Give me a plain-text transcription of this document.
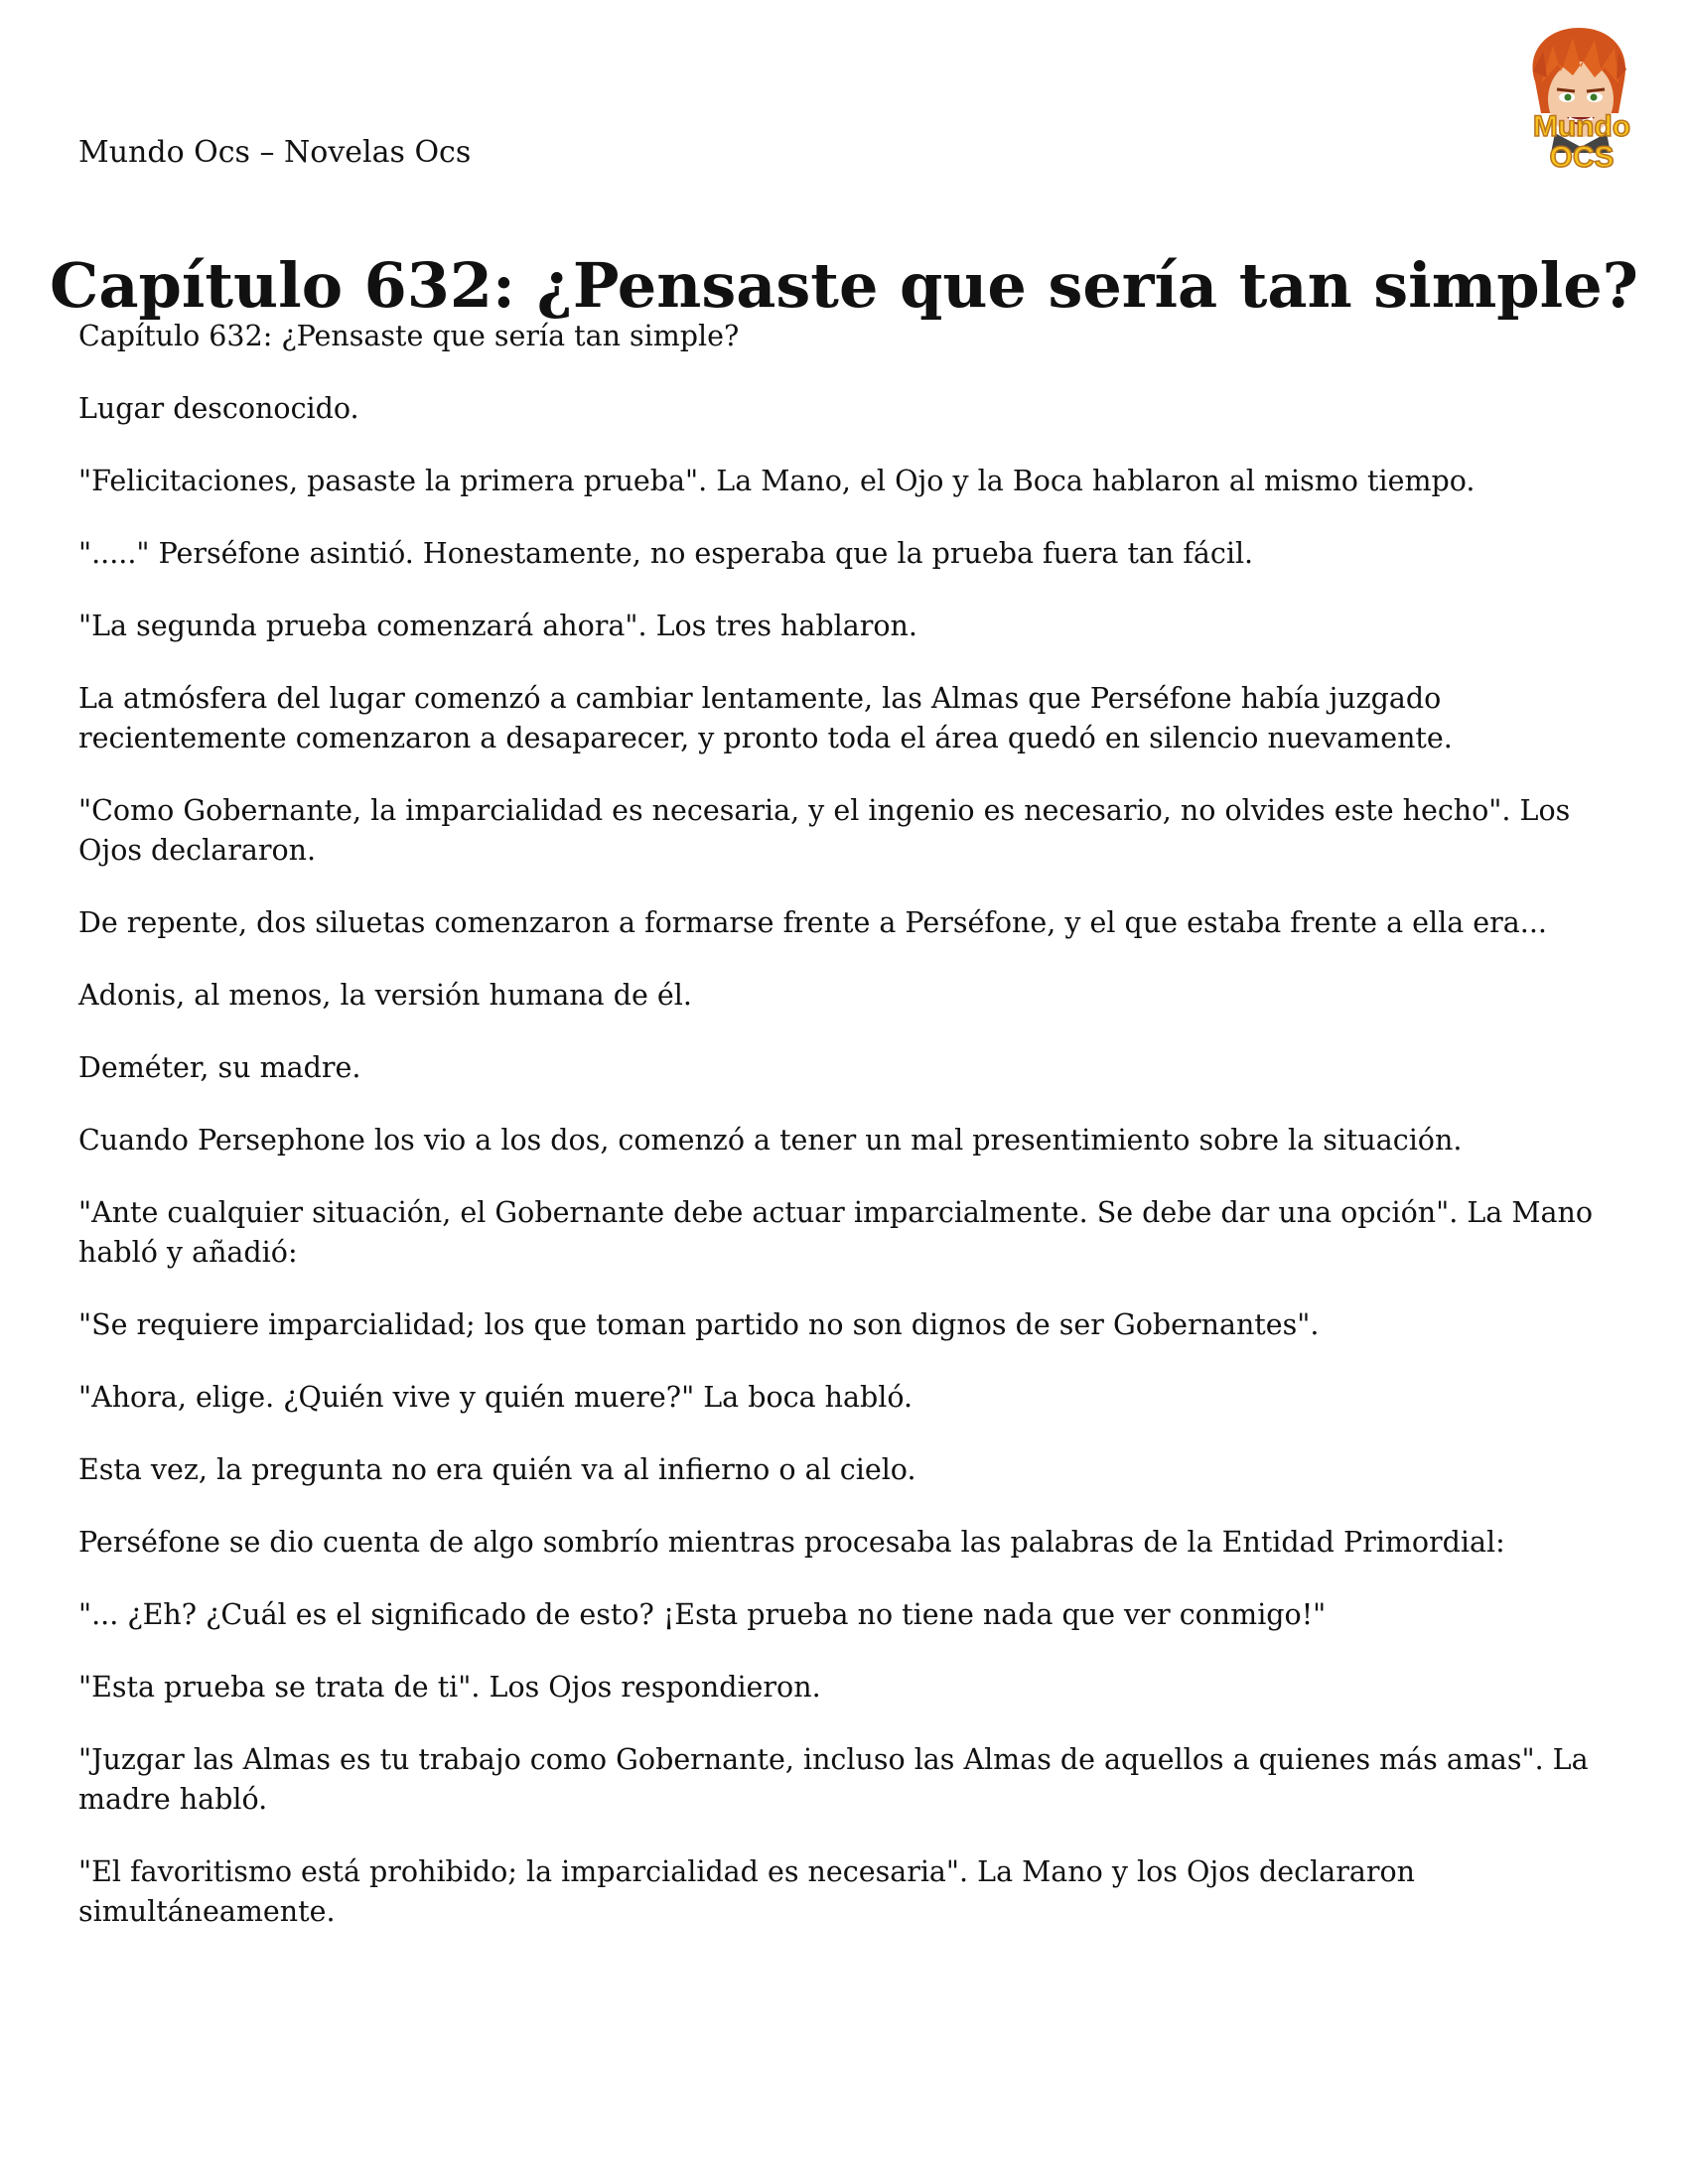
Mundo Ocs – Novelas Ocs
Mundo
OCS
Capítulo 632: ¿Pensaste que sería tan simple?

Capítulo 632: ¿Pensaste que sería tan simple?

Lugar desconocido.

"Felicitaciones, pasaste la primera prueba". La Mano, el Ojo y la Boca hablaron al mismo tiempo.

"....." Perséfone asintió. Honestamente, no esperaba que la prueba fuera tan fácil.

"La segunda prueba comenzará ahora". Los tres hablaron.

La atmósfera del lugar comenzó a cambiar lentamente, las Almas que Perséfone había juzgado recientemente comenzaron a desaparecer, y pronto toda el área quedó en silencio nuevamente.

"Como Gobernante, la imparcialidad es necesaria, y el ingenio es necesario, no olvides este hecho". Los Ojos declararon.

De repente, dos siluetas comenzaron a formarse frente a Perséfone, y el que estaba frente a ella era...

Adonis, al menos, la versión humana de él.

Deméter, su madre.

Cuando Persephone los vio a los dos, comenzó a tener un mal presentimiento sobre la situación.

"Ante cualquier situación, el Gobernante debe actuar imparcialmente. Se debe dar una opción". La Mano habló y añadió:

"Se requiere imparcialidad; los que toman partido no son dignos de ser Gobernantes".

"Ahora, elige. ¿Quién vive y quién muere?" La boca habló.

Esta vez, la pregunta no era quién va al infierno o al cielo.

Perséfone se dio cuenta de algo sombrío mientras procesaba las palabras de la Entidad Primordial:

"... ¿Eh? ¿Cuál es el significado de esto? ¡Esta prueba no tiene nada que ver conmigo!"

"Esta prueba se trata de ti". Los Ojos respondieron.

"Juzgar las Almas es tu trabajo como Gobernante, incluso las Almas de aquellos a quienes más amas". La madre habló.

"El favoritismo está prohibido; la imparcialidad es necesaria". La Mano y los Ojos declararon simultáneamente.
